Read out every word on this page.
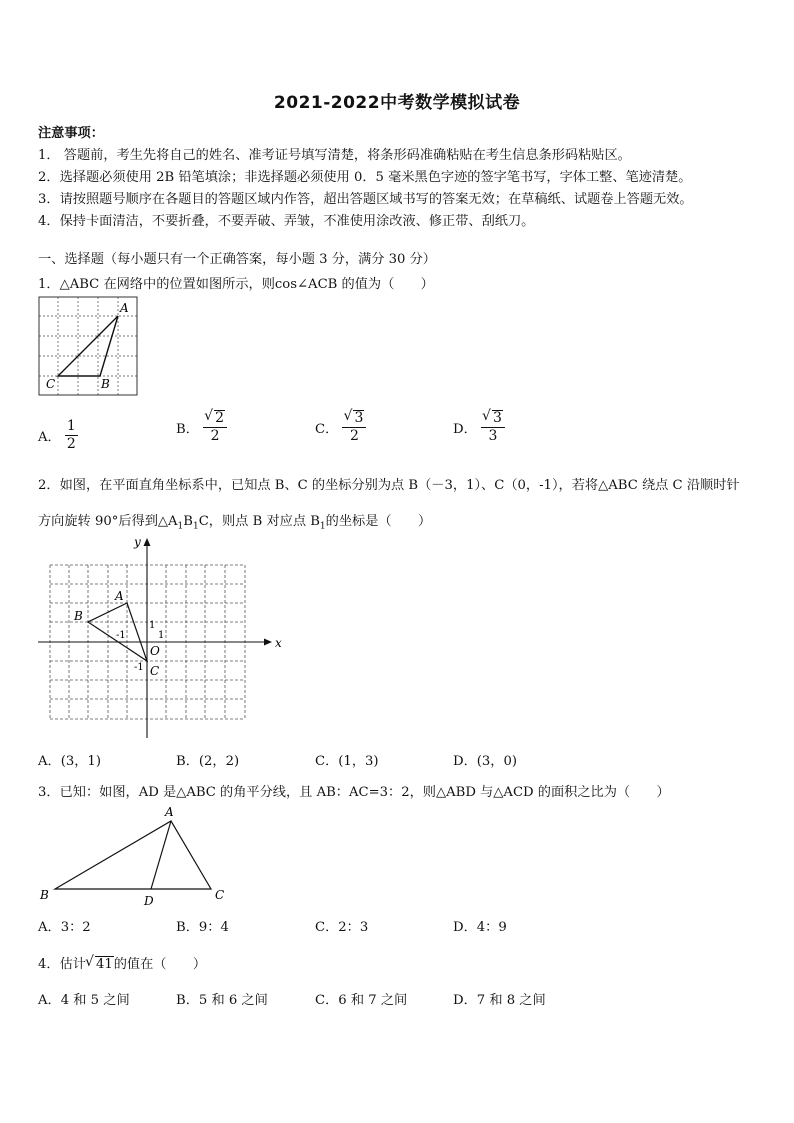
2021-2022中考数学模拟试卷
注意事项：
1． 答题前，考生先将自己的姓名、准考证号填写清楚，将条形码准确粘贴在考生信息条形码粘贴区。
2．选择题必须使用 2B 铅笔填涂；非选择题必须使用 0．5 毫米黑色字迹的签字笔书写，字体工整、笔迹清楚。
3．请按照题号顺序在各题目的答题区域内作答，超出答题区域书写的答案无效；在草稿纸、试题卷上答题无效。
4．保持卡面清洁，不要折叠，不要弄破、弄皱，不准使用涂改液、修正带、刮纸刀。
一、选择题（每小题只有一个正确答案，每小题 3 分，满分 30 分）
1．△ABC 在网络中的位置如图所示，则cos∠ACB 的值为（　　）
A
C	B
A． $\frac{1}{2}$	B． √ $\frac{2}{2}$	C． √ $\frac{3}{2}$	D． √ $\frac{3}{3}$
2．如图，在平面直角坐标系中，已知点 B、C 的坐标分别为点 B（－3，1）、C（0，-1），若将△ABC 绕点 C 沿顺时针
方向旋转 90°后得到$\triangle A_1B_1C$，则点 B 对应点 $B_1$的坐标是（　　）
x
y
A
B
C
O
-1	1
1
-1
A．(3，1)	B．(2，2)	C．(1，3)	D．(3，0)
3．已知：如图，AD 是△ABC 的角平分线，且 AB：AC=3：2，则△ABD 与△ACD 的面积之比为（　　）
A
B	C
D
A．3：2	B．9：4	C．2：3	D．4：9
4．估计 √ 41的值在（　　）
A．4 和 5 之间	B．5 和 6 之间	C．6 和 7 之间	D．7 和 8 之间
